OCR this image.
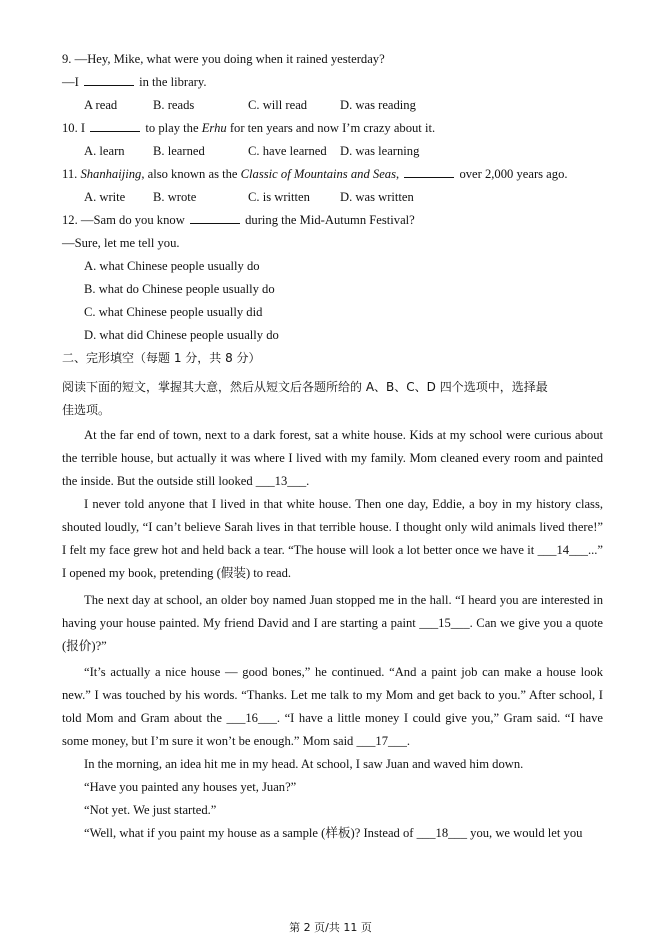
9. —Hey, Mike, what were you doing when it rained yesterday?
—I	in the library.
A read	B. reads	C. will read	D. was reading
10. I	to play the Erhu for ten years and now I’m crazy about it.
A. learn B. learned	C. have learned D. was learning
11. Shanhaijing, also known as the Classic of Mountains and Seas,	over 2,000 years ago.
A. write B. wrote	C. is written D. was written
12. —Sam do you know	during the Mid-Autumn Festival?
—Sure, let me tell you.
A. what Chinese people usually do
B. what do Chinese people usually do
C. what Chinese people usually did
D. what did Chinese people usually do
二、完形填空（每题 1 分，共 8 分）
阅读下面的短文，掌握其大意，然后从短文后各题所给的 A、B、C、D 四个选项中，选择最
佳选项。
At the far end of town, next to a dark forest, sat a white house. Kids at my school were curious about the terrible house, but actually it was where I lived with my family. Mom cleaned every room and painted the inside. But the outside still looked ___13___.
I never told anyone that I lived in that white house. Then one day, Eddie, a boy in my history class, shouted loudly, “I can’t believe Sarah lives in that terrible house. I thought only wild animals lived there!” I felt my face grew hot and held back a tear. “The house will look a lot better once we have it ___14___...” I opened my book, pretending (假装) to read.
The next day at school, an older boy named Juan stopped me in the hall. “I heard you are interested in having your house painted. My friend David and I are starting a paint ___15___. Can we give you a quote (报价)?”
“It’s actually a nice house — good bones,” he continued. “And a paint job can make a house look new.” I was touched by his words. “Thanks. Let me talk to my Mom and get back to you.” After school, I told Mom and Gram about the ___16___. “I have a little money I could give you,” Gram said. “I have some money, but I’m sure it won’t be enough.” Mom said ___17___.
In the morning, an idea hit me in my head. At school, I saw Juan and waved him down.
“Have you painted any houses yet, Juan?”
“Not yet. We just started.”
“Well, what if you paint my house as a sample (样板)? Instead of ___18___ you, we would let you
第 2 页/共 11 页
